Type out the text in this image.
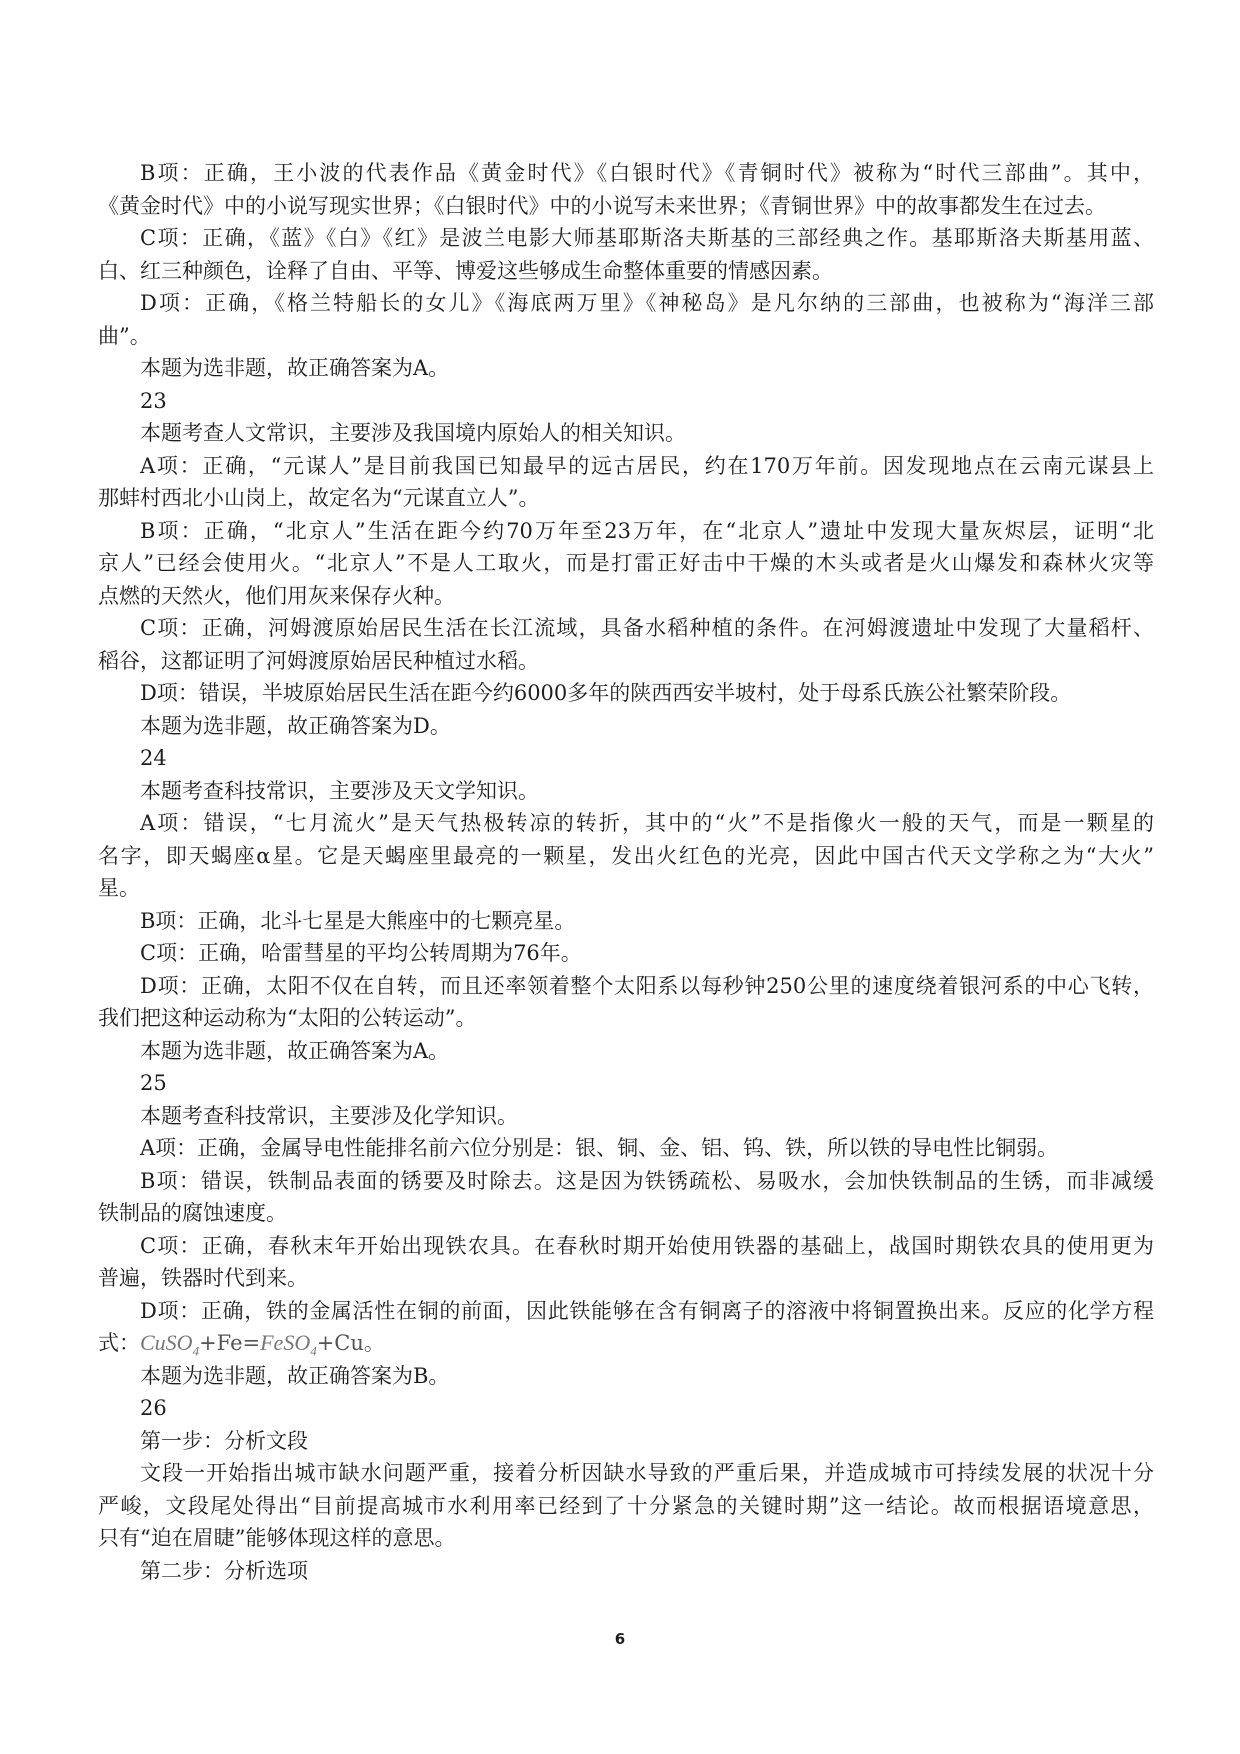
B项：正确，王小波的代表作品《黄金时代》《白银时代》《青铜时代》被称为“时代三部曲”。其中，
《黄金时代》中的小说写现实世界；《白银时代》中的小说写未来世界；《青铜世界》中的故事都发生在过去。
C项：正确，《蓝》《白》《红》是波兰电影大师基耶斯洛夫斯基的三部经典之作。基耶斯洛夫斯基用蓝、
白、红三种颜色，诠释了自由、平等、博爱这些够成生命整体重要的情感因素。
D项：正确，《格兰特船长的女儿》《海底两万里》《神秘岛》是凡尔纳的三部曲，也被称为“海洋三部
曲”。
本题为选非题，故正确答案为A。
23
本题考查人文常识，主要涉及我国境内原始人的相关知识。
A项：正确，“元谋人”是目前我国已知最早的远古居民，约在170万年前。因发现地点在云南元谋县上
那蚌村西北小山岗上，故定名为“元谋直立人”。
B项：正确，“北京人”生活在距今约70万年至23万年，在“北京人”遗址中发现大量灰烬层，证明“北
京人”已经会使用火。“北京人”不是人工取火，而是打雷正好击中干燥的木头或者是火山爆发和森林火灾等
点燃的天然火，他们用灰来保存火种。
C项：正确，河姆渡原始居民生活在长江流域，具备水稻种植的条件。在河姆渡遗址中发现了大量稻杆、
稻谷，这都证明了河姆渡原始居民种植过水稻。
D项：错误，半坡原始居民生活在距今约6000多年的陕西西安半坡村，处于母系氏族公社繁荣阶段。
本题为选非题，故正确答案为D。
24
本题考查科技常识，主要涉及天文学知识。
A项：错误，“七月流火”是天气热极转凉的转折，其中的“火”不是指像火一般的天气，而是一颗星的
名字，即天蝎座α星。它是天蝎座里最亮的一颗星，发出火红色的光亮，因此中国古代天文学称之为“大火”
星。
B项：正确，北斗七星是大熊座中的七颗亮星。
C项：正确，哈雷彗星的平均公转周期为76年。
D项：正确，太阳不仅在自转，而且还率领着整个太阳系以每秒钟250公里的速度绕着银河系的中心飞转，
我们把这种运动称为“太阳的公转运动”。
本题为选非题，故正确答案为A。
25
本题考查科技常识，主要涉及化学知识。
A项：正确，金属导电性能排名前六位分别是：银、铜、金、铝、钨、铁，所以铁的导电性比铜弱。
B项：错误，铁制品表面的锈要及时除去。这是因为铁锈疏松、易吸水，会加快铁制品的生锈，而非减缓
铁制品的腐蚀速度。
C项：正确，春秋末年开始出现铁农具。在春秋时期开始使用铁器的基础上，战国时期铁农具的使用更为
普遍，铁器时代到来。
D项：正确，铁的金属活性在铜的前面，因此铁能够在含有铜离子的溶液中将铜置换出来。反应的化学方程
式：CuSO$_4$+Fe=FeSO$_4$+Cu。
本题为选非题，故正确答案为B。
26
第一步：分析文段
文段一开始指出城市缺水问题严重，接着分析因缺水导致的严重后果，并造成城市可持续发展的状况十分
严峻，文段尾处得出“目前提高城市水利用率已经到了十分紧急的关键时期”这一结论。故而根据语境意思，
只有“迫在眉睫”能够体现这样的意思。
第二步：分析选项
6
